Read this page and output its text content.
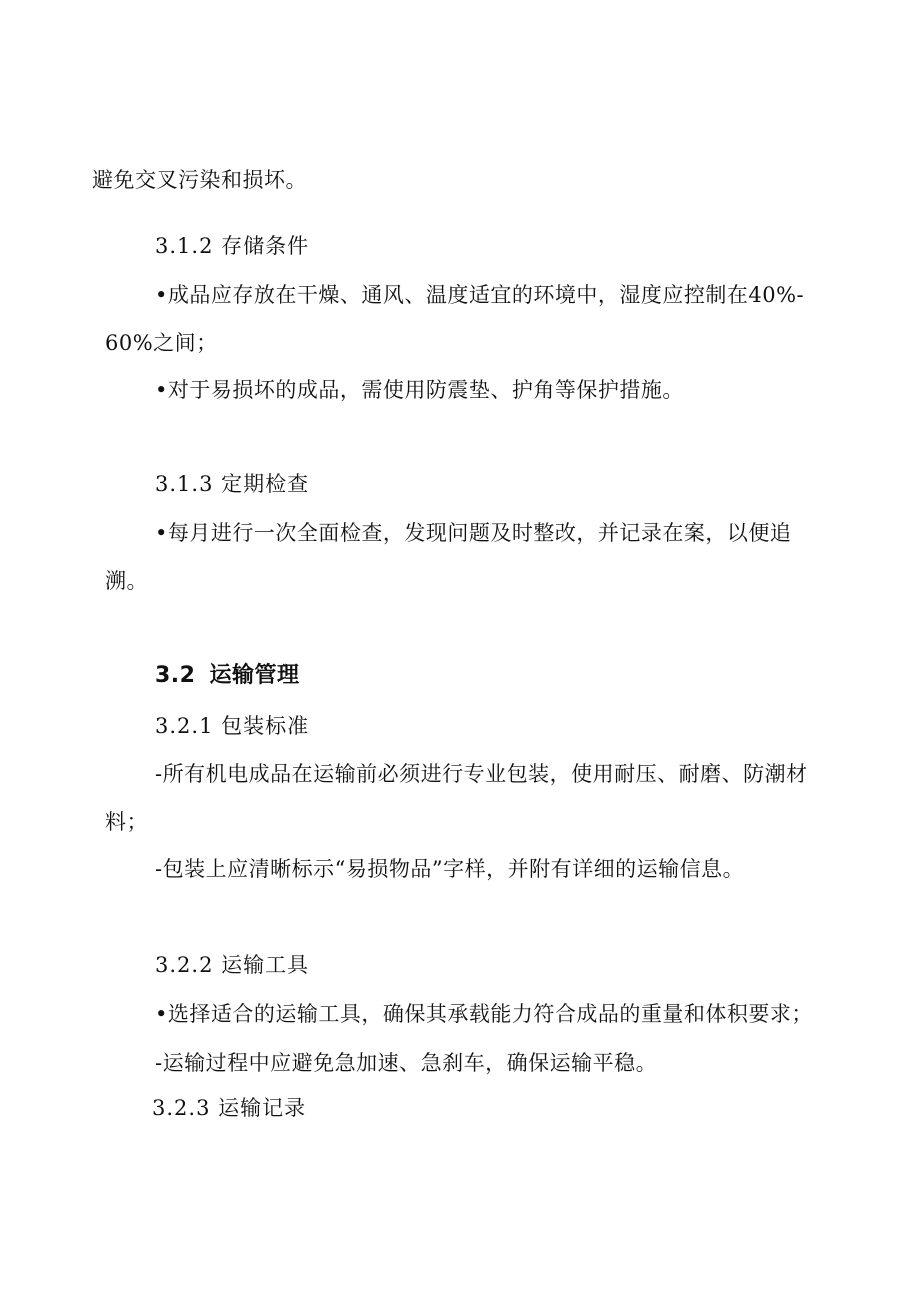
避免交叉污染和损坏。
3.1.2 存储条件
•成品应存放在干燥、通风、温度适宜的环境中，湿度应控制在40%-
60%之间；
•对于易损坏的成品，需使用防震垫、护角等保护措施。
3.1.3 定期检查
•每月进行一次全面检查，发现问题及时整改，并记录在案，以便追
溯。
3.2 运输管理
3.2.1 包装标准
-所有机电成品在运输前必须进行专业包装，使用耐压、耐磨、防潮材
料；
-包装上应清晰标示“易损物品”字样，并附有详细的运输信息。
3.2.2 运输工具
•选择适合的运输工具，确保其承载能力符合成品的重量和体积要求；
-运输过程中应避免急加速、急刹车，确保运输平稳。
3.2.3 运输记录
